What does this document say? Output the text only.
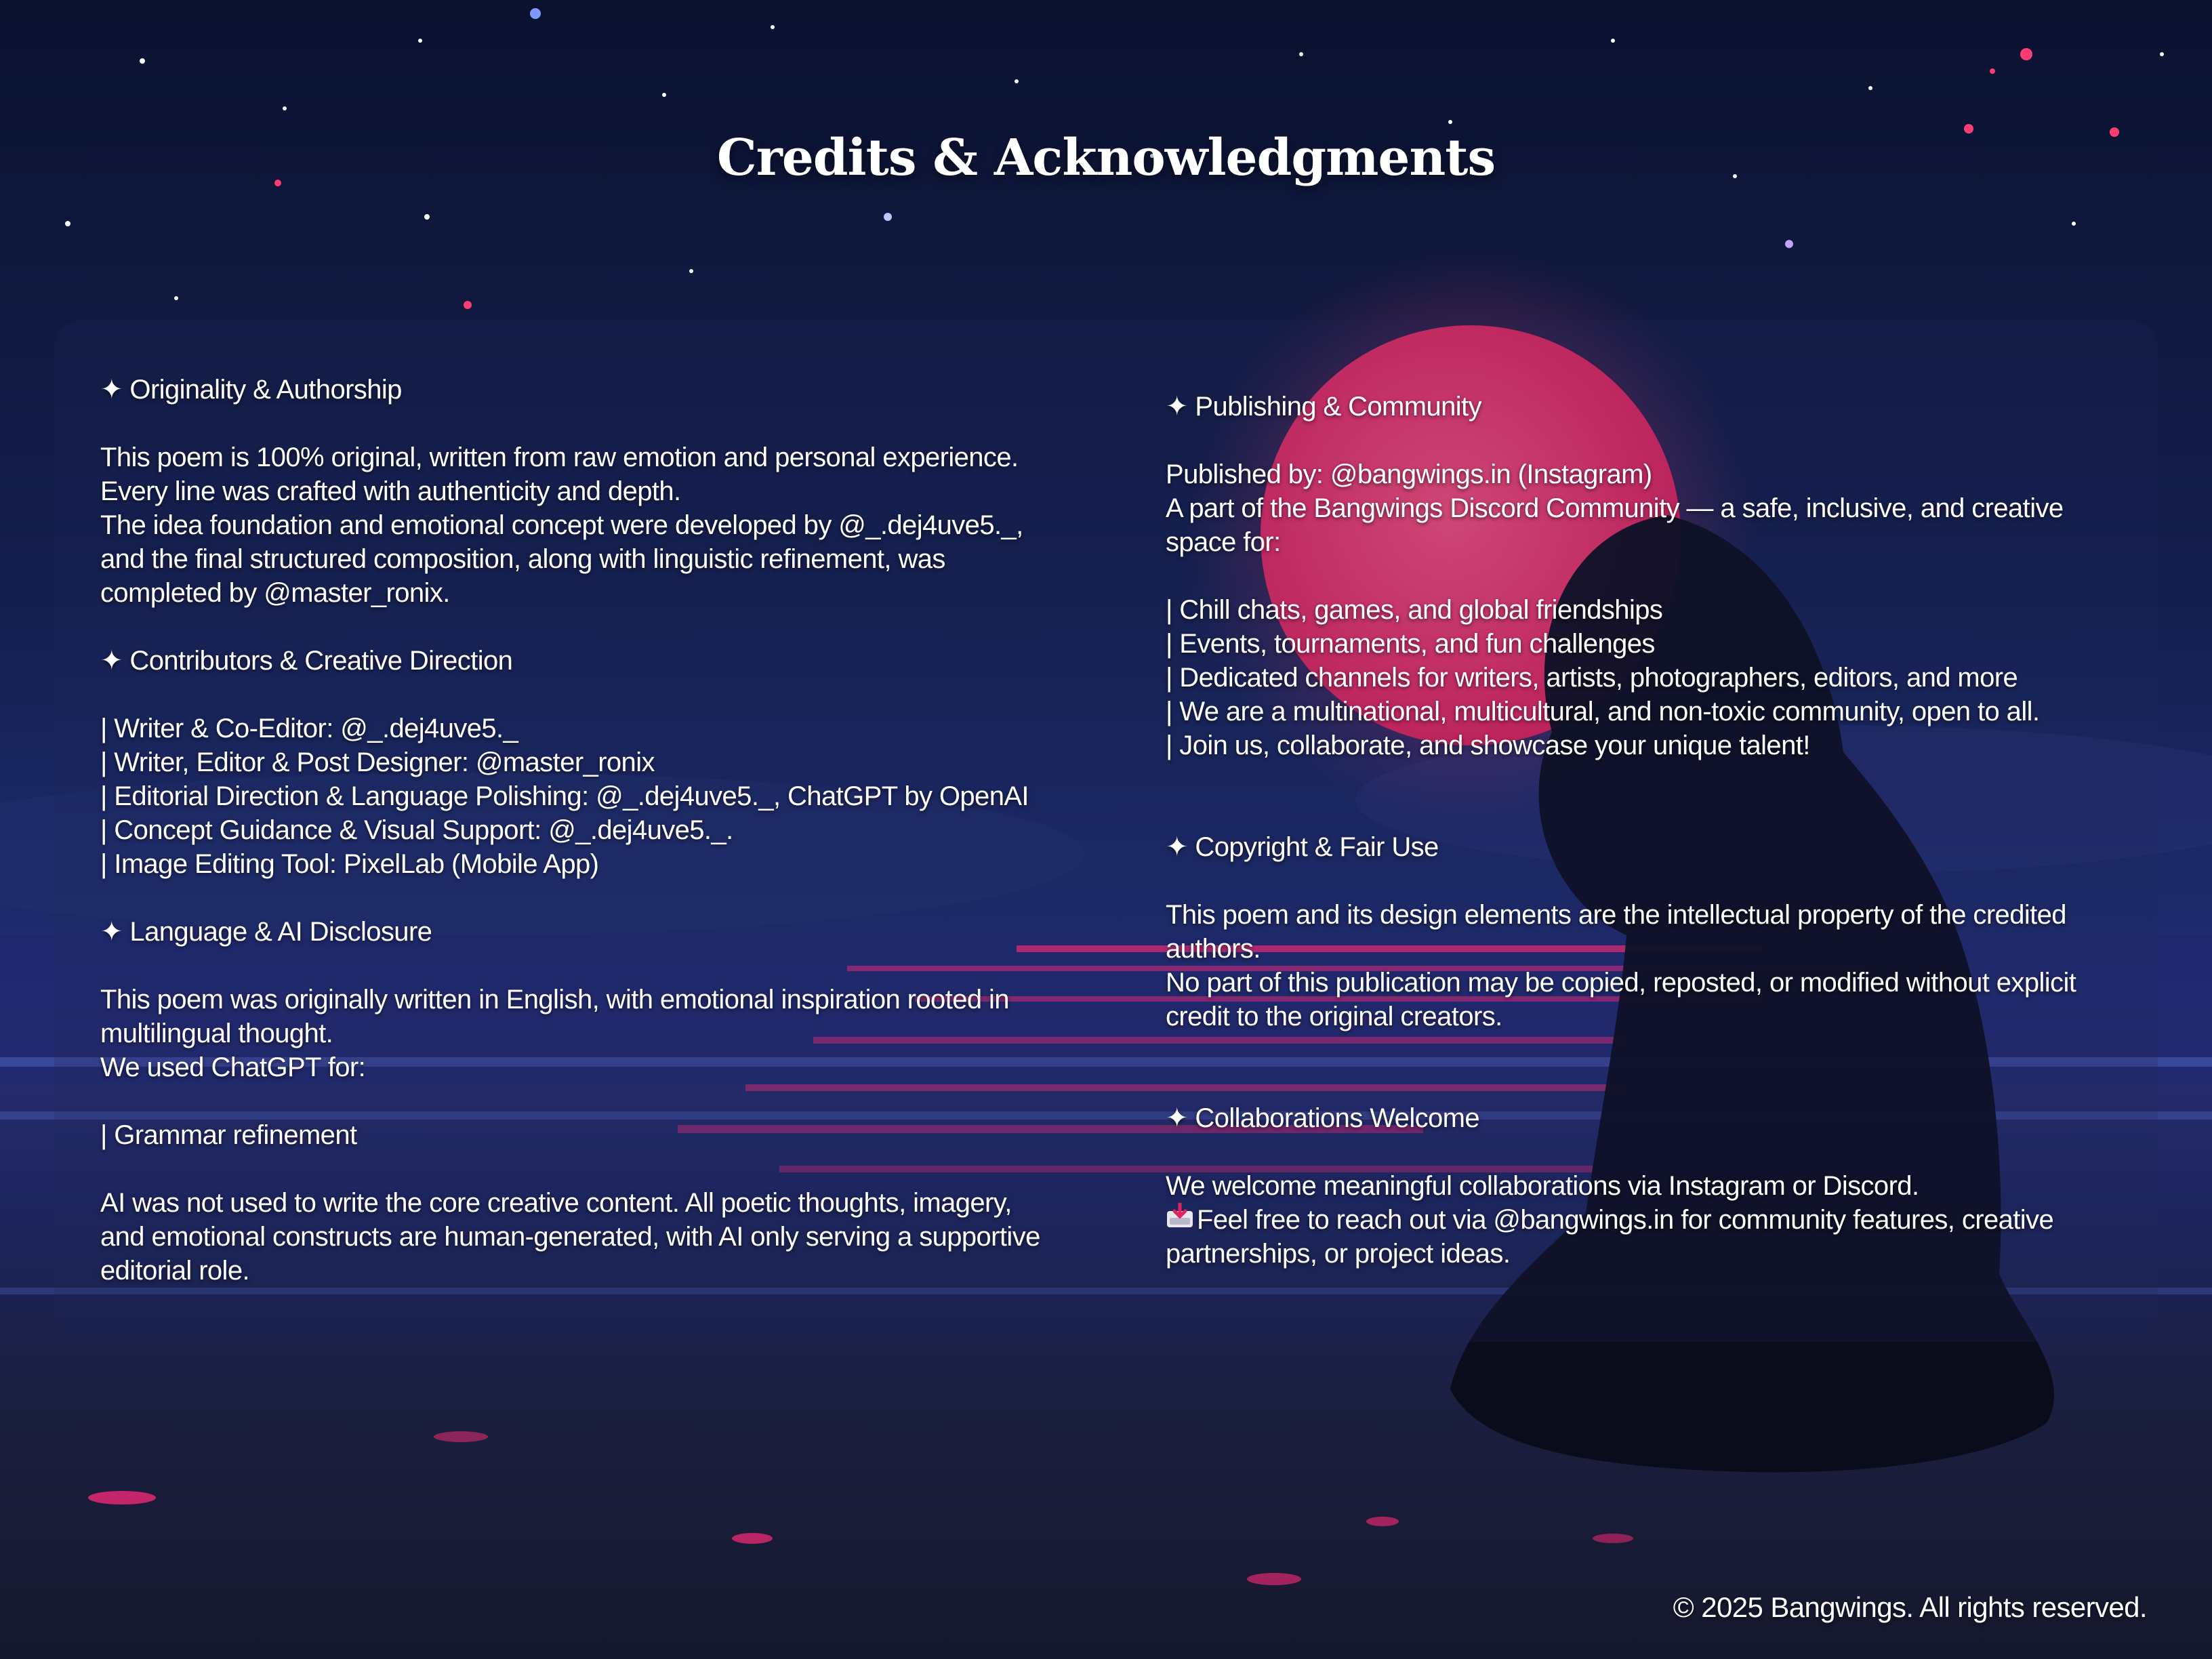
Credits & Acknowledgments

✦ Originality & Authorship

This poem is 100% original, written from raw emotion and personal experience.

Every line was crafted with authenticity and depth.

The idea foundation and emotional concept were developed by @_.dej4uve5._, and the final structured composition, along with linguistic refinement, was completed by @master_ronix.

✦ Contributors & Creative Direction

| Writer & Co-Editor: @_.dej4uve5._

| Writer, Editor & Post Designer: @master_ronix

| Editorial Direction & Language Polishing: @_.dej4uve5._, ChatGPT by OpenAI

| Concept Guidance & Visual Support: @_.dej4uve5._.

| Image Editing Tool: PixelLab (Mobile App)

✦ Language & AI Disclosure

This poem was originally written in English, with emotional inspiration rooted in multilingual thought.

We used ChatGPT for:

| Grammar refinement

AI was not used to write the core creative content. All poetic thoughts, imagery, and emotional constructs are human-generated, with AI only serving a supportive editorial role.

✦ Publishing & Community

Published by: @bangwings.in (Instagram)

A part of the Bangwings Discord Community — a safe, inclusive, and creative space for:

| Chill chats, games, and global friendships

| Events, tournaments, and fun challenges

| Dedicated channels for writers, artists, photographers, editors, and more

| We are a multinational, multicultural, and non-toxic community, open to all.

| Join us, collaborate, and showcase your unique talent!

✦ Copyright & Fair Use

This poem and its design elements are the intellectual property of the credited authors.

No part of this publication may be copied, reposted, or modified without explicit credit to the original creators.

✦ Collaborations Welcome

We welcome meaningful collaborations via Instagram or Discord.

Feel free to reach out via @bangwings.in for community features, creative partnerships, or project ideas.

© 2025 Bangwings. All rights reserved.
